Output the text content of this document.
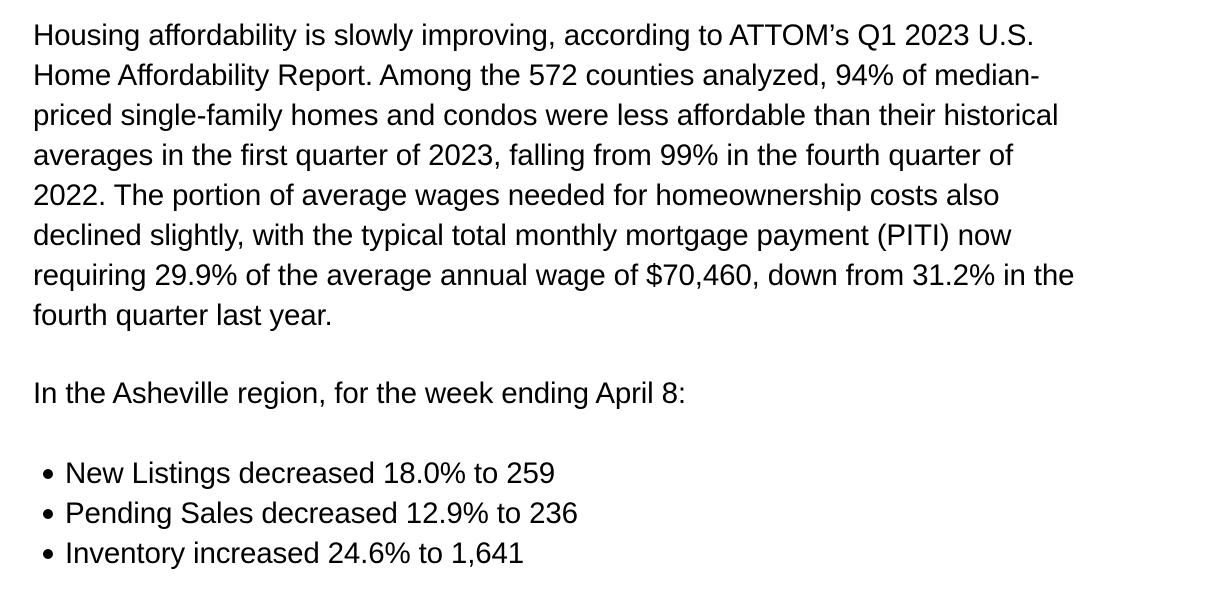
Housing affordability is slowly improving, according to ATTOM’s Q1 2023 U.S.
Home Affordability Report. Among the 572 counties analyzed, 94% of median-
priced single-family homes and condos were less affordable than their historical
averages in the first quarter of 2023, falling from 99% in the fourth quarter of
2022. The portion of average wages needed for homeownership costs also
declined slightly, with the typical total monthly mortgage payment (PITI) now
requiring 29.9% of the average annual wage of $70,460, down from 31.2% in the
fourth quarter last year.
In the Asheville region, for the week ending April 8:
New Listings decreased 18.0% to 259
Pending Sales decreased 12.9% to 236
Inventory increased 24.6% to 1,641
